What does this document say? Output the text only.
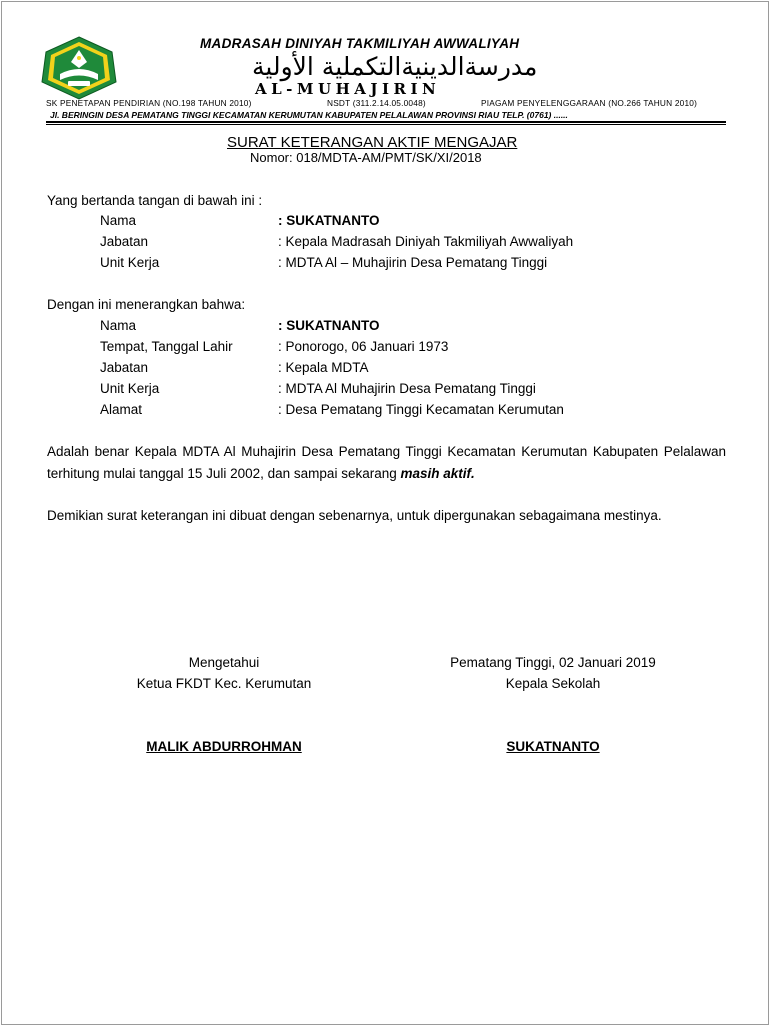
MADRASAH DINIYAH TAKMILIYAH AWWALIYAH
مدرسةالدينيةالتكملية الأولية
AL-MUHAJIRIN
SK PENETAPAN PENDIRIAN (NO.198 TAHUN 2010)	NSDT (311.2.14.05.0048)	PIAGAM PENYELENGGARAAN (NO.266 TAHUN 2010)
Jl. BERINGIN DESA PEMATANG TINGGI KECAMATAN KERUMUTAN KABUPATEN PELALAWAN PROVINSI RIAU TELP. (0761) ......
SURAT KETERANGAN AKTIF MENGAJAR
Nomor: 018/MDTA-AM/PMT/SK/XI/2018
Yang bertanda tangan di bawah ini :
Nama	: SUKATNANTO
Jabatan	: Kepala Madrasah Diniyah Takmiliyah Awwaliyah
Unit Kerja	: MDTA Al – Muhajirin Desa Pematang Tinggi
Dengan ini menerangkan bahwa:
Nama	: SUKATNANTO
Tempat, Tanggal Lahir	: Ponorogo, 06 Januari 1973
Jabatan	: Kepala MDTA
Unit Kerja	: MDTA Al Muhajirin Desa Pematang Tinggi
Alamat	: Desa Pematang Tinggi Kecamatan Kerumutan
Adalah benar Kepala MDTA Al Muhajirin Desa Pematang Tinggi Kecamatan Kerumutan Kabupaten Pelalawan terhitung mulai tanggal 15 Juli 2002, dan sampai sekarang masih aktif.
Demikian surat keterangan ini dibuat dengan sebenarnya, untuk dipergunakan sebagaimana mestinya.
Mengetahui
Ketua FKDT Kec. Kerumutan
MALIK ABDURROHMAN
Pematang Tinggi, 02 Januari 2019
Kepala Sekolah
SUKATNANTO
